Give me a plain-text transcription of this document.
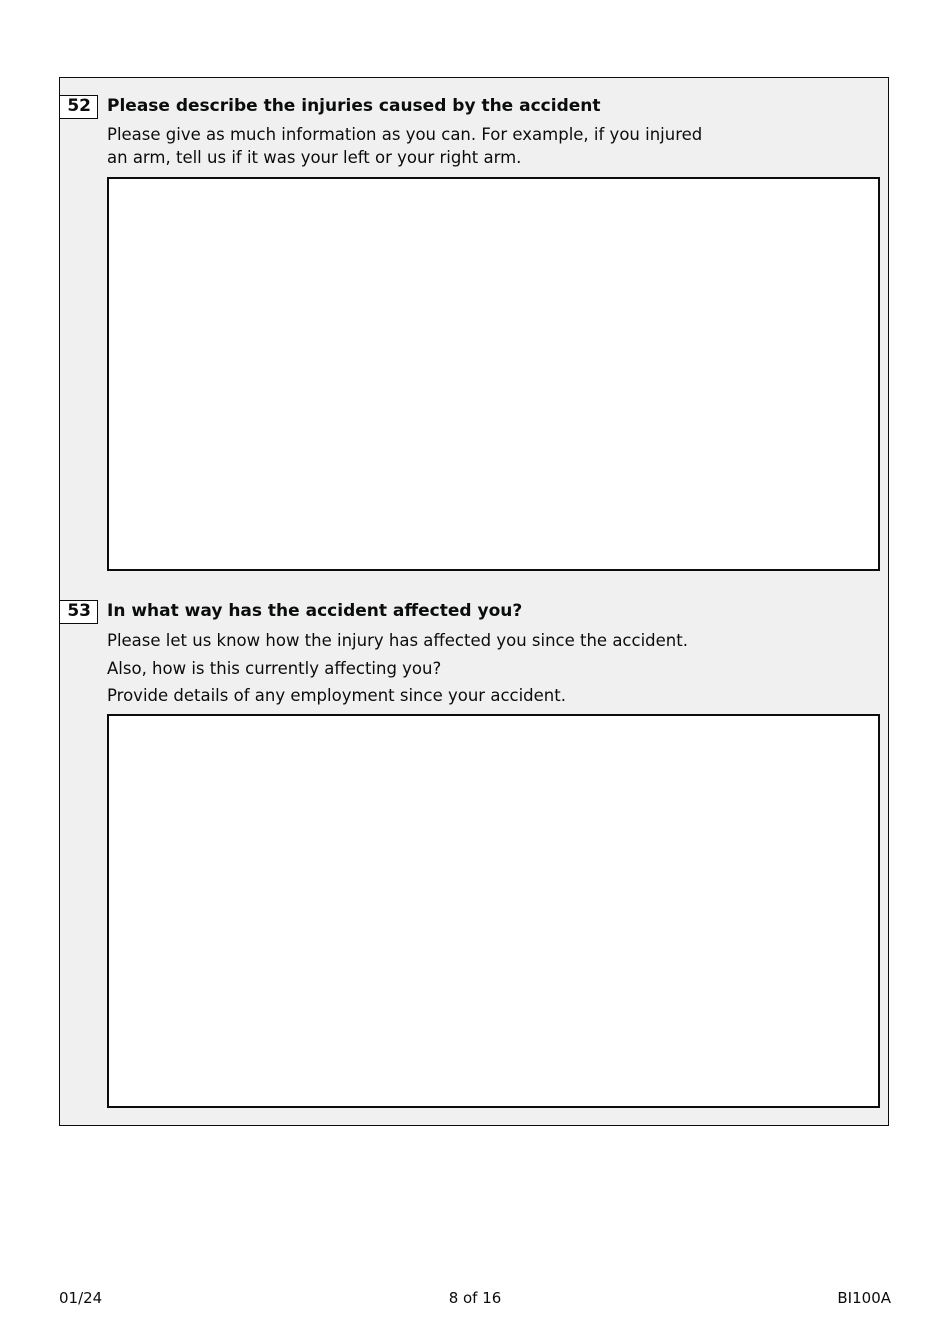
52 Please describe the injuries caused by the accident
Please give as much information as you can. For example, if you injured
an arm, tell us if it was your left or your right arm.
53 In what way has the accident affected you?
Please let us know how the injury has affected you since the accident.
Also, how is this currently affecting you?
Provide details of any employment since your accident.
01/24	8 of 16	BI100A
